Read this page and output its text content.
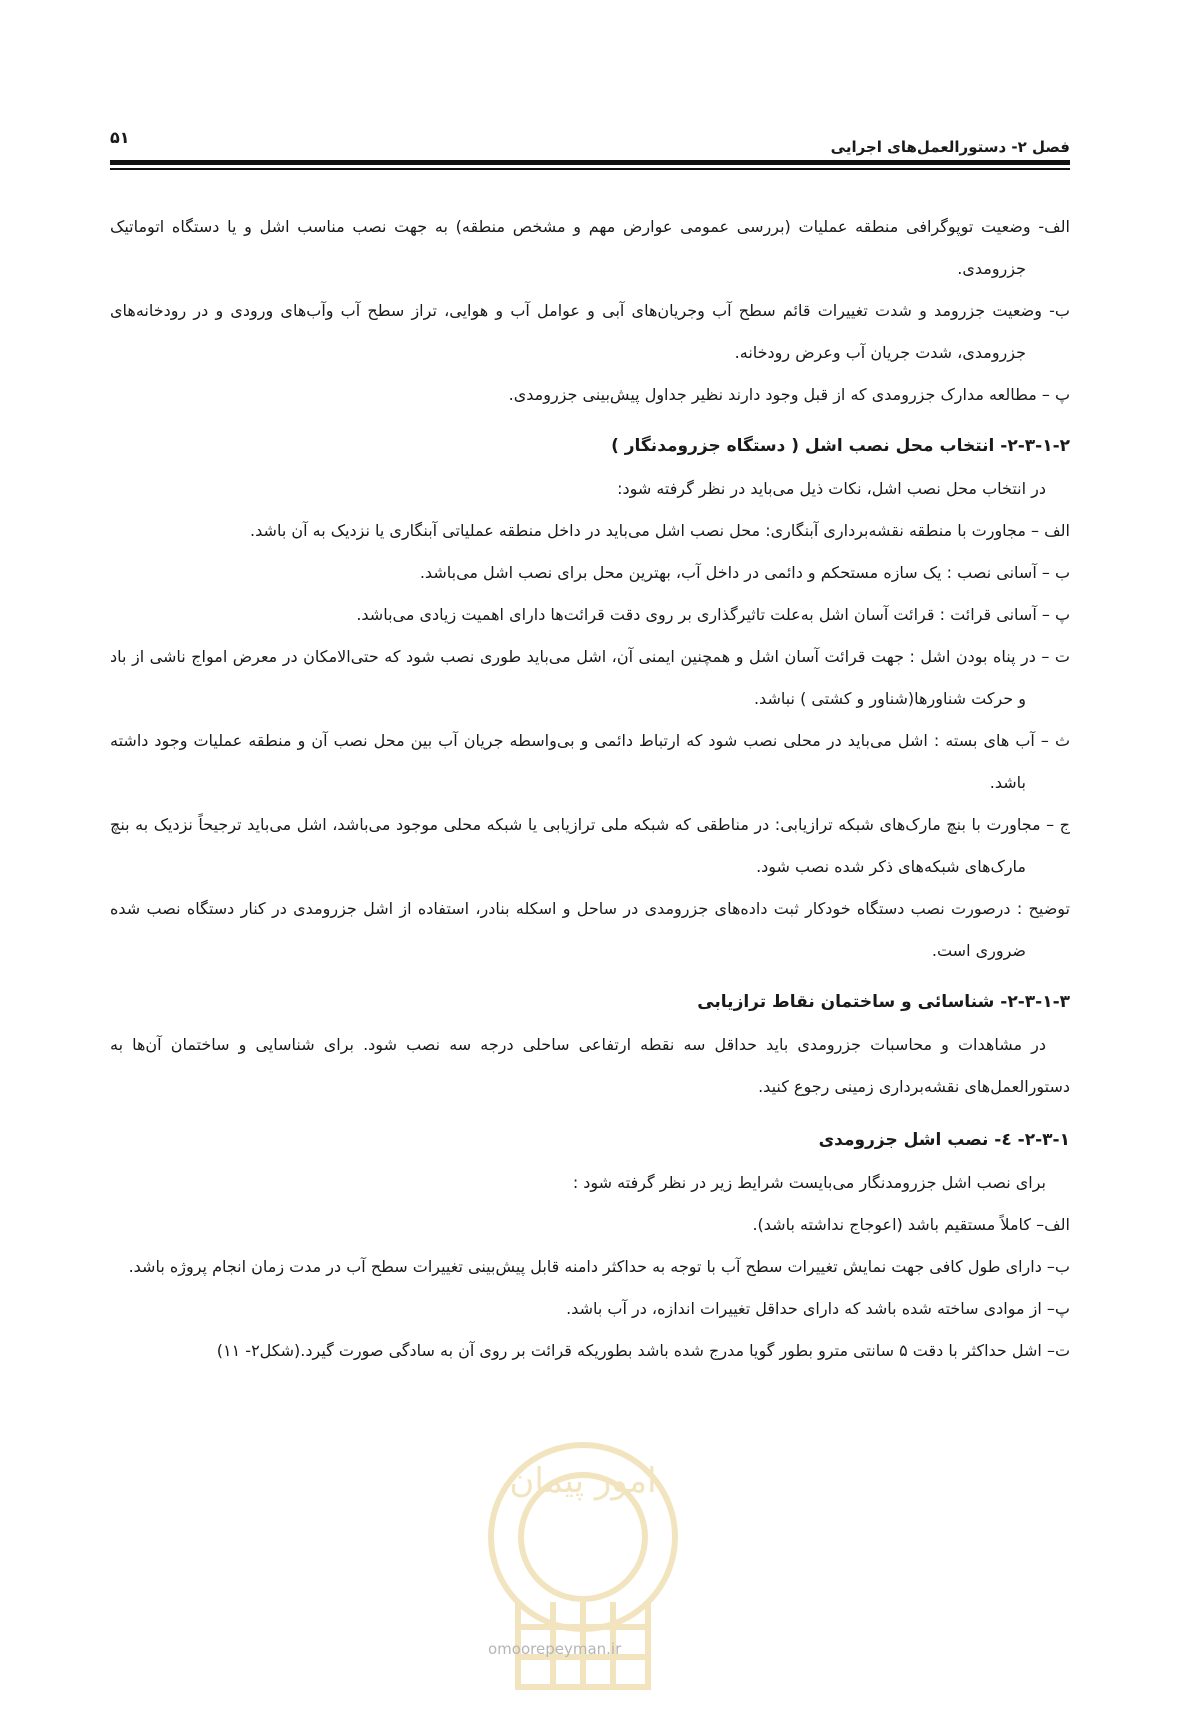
فصل ۲- دستورالعمل‌های اجرایی
۵۱

الف- وضعیت توپوگرافی منطقه عملیات (بررسی عمومی عوارض مهم و مشخص منطقه) به جهت نصب مناسب اشل و یا دستگاه اتوماتیک جزرومدی.

ب- وضعیت جزرومد و شدت تغییرات قائم سطح آب وجریان‌های آبی و عوامل آب و هوایی، تراز سطح آب وآب‌های ورودی و در رودخانه‌های جزرومدی، شدت جریان آب وعرض رودخانه.

پ – مطالعه مدارک جزرومدی که از قبل وجود دارند نظیر جداول پیش‌بینی جزرومدی.

۲-۳-۱-۲- انتخاب محل نصب اشل ( دستگاه جزرومدنگار )

در انتخاب محل نصب اشل، نکات ذیل می‌باید در نظر گرفته شود:

الف – مجاورت با منطقه نقشه‌برداری آبنگاری: محل نصب اشل می‌باید در داخل منطقه عملیاتی آبنگاری یا نزدیک به آن باشد.

ب – آسانی نصب : یک سازه مستحکم و دائمی در داخل آب، بهترین محل برای نصب اشل می‌باشد.

پ – آسانی قرائت : قرائت آسان اشل به‌علت تاثیرگذاری بر روی دقت قرائت‌ها دارای اهمیت زیادی می‌باشد.

ت – در پناه بودن اشل : جهت قرائت آسان اشل و همچنین ایمنی آن، اشل می‌باید طوری نصب شود که حتی‌الامکان در معرض امواج ناشی از باد و حرکت شناورها(شناور و کشتی ) نباشد.

ث – آب های بسته : اشل می‌باید در محلی نصب شود که ارتباط دائمی و بی‌واسطه جریان آب بین محل نصب آن و منطقه عملیات وجود داشته باشد.

ج – مجاورت با بنچ مارک‌های شبکه ترازیابی: در مناطقی که شبکه ملی ترازیابی یا شبکه محلی موجود می‌باشد، اشل می‌باید ترجیحاً نزدیک به بنچ مارک‌های شبکه‌های ذکر شده نصب شود.

توضیح : درصورت نصب دستگاه خودکار ثبت داده‌های جزرومدی در ساحل و اسکله بنادر، استفاده از اشل جزرومدی در کنار دستگاه نصب شده ضروری است.

۲-۳-۱-۳- شناسائی و ساختمان نقاط ترازیابی

در مشاهدات و محاسبات جزرومدی باید حداقل سه نقطه ارتفاعی ساحلی درجه سه نصب شود. برای شناسایی و ساختمان آن‌ها به دستورالعمل‌های نقشه‌برداری زمینی رجوع کنید.

۲-۳-۱- ٤- نصب اشل جزرومدی

برای نصب اشل جزرومدنگار می‌بایست شرایط زیر در نظر گرفته شود :

الف– کاملاً مستقیم باشد (اعوجاج نداشته باشد).

ب– دارای طول کافی جهت نمایش تغییرات سطح آب با توجه به حداکثر دامنه قابل پیش‌بینی تغییرات سطح آب در مدت زمان انجام پروژه باشد.

پ– از موادی ساخته شده باشد که دارای حداقل تغییرات اندازه، در آب باشد.

ت– اشل حداکثر با دقت ۵ سانتی مترو بطور گویا مدرج شده باشد بطوریکه قرائت بر روی آن به سادگی صورت گیرد.(شکل۲- ۱۱)

امور پیمان
omoorepeyman.ir
